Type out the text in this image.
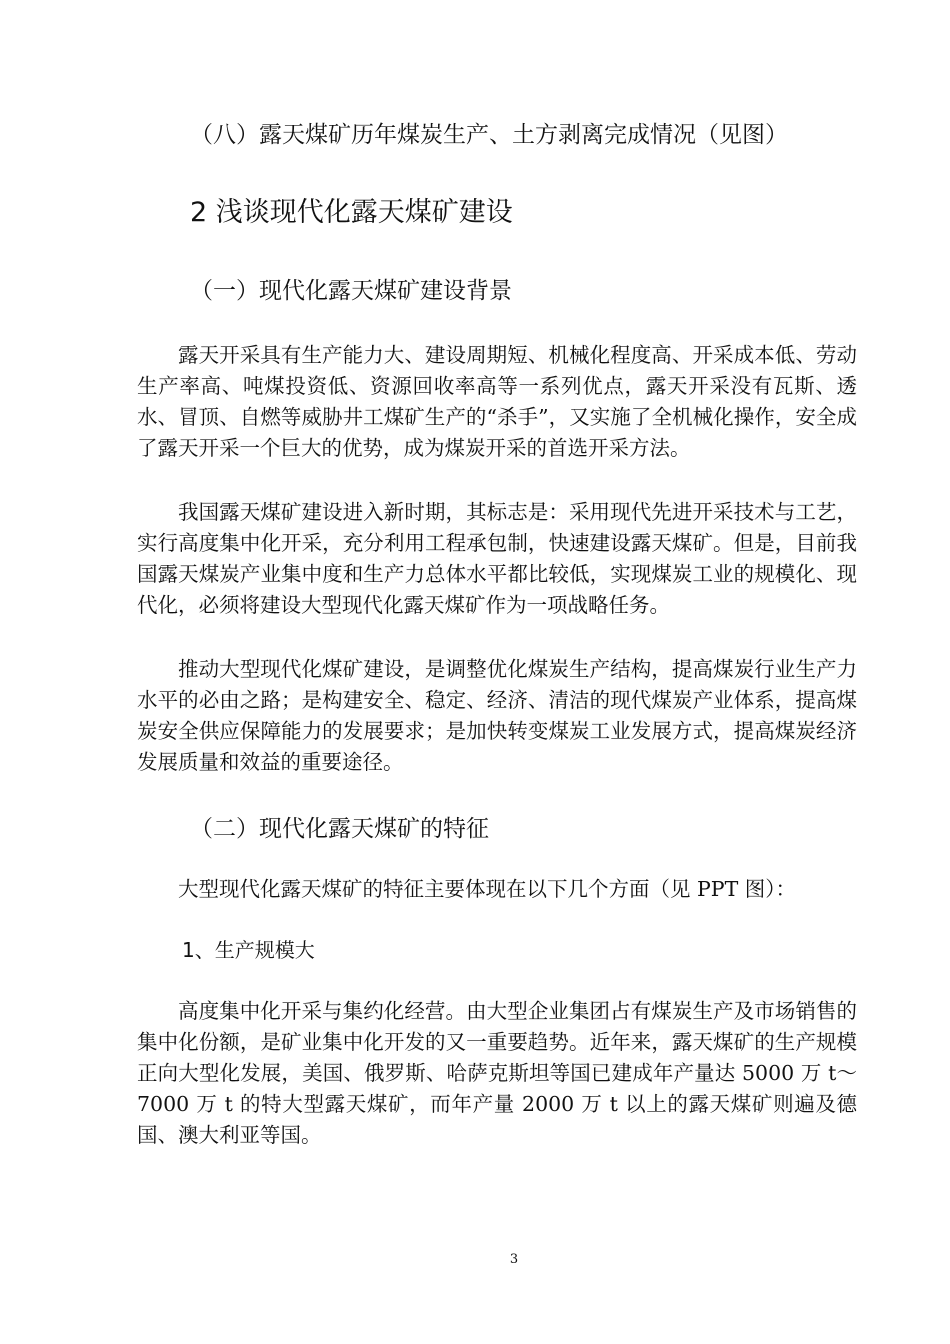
（八）露天煤矿历年煤炭生产、土方剥离完成情况（见图）
2 浅谈现代化露天煤矿建设
（一）现代化露天煤矿建设背景

露天开采具有生产能力大、建设周期短、机械化程度高、开采成本低、劳动生产率高、吨煤投资低、资源回收率高等一系列优点，露天开采没有瓦斯、透水、冒顶、自燃等威胁井工煤矿生产的“杀手”，又实施了全机械化操作，安全成了露天开采一个巨大的优势，成为煤炭开采的首选开采方法。

我国露天煤矿建设进入新时期，其标志是：采用现代先进开采技术与工艺，实行高度集中化开采，充分利用工程承包制，快速建设露天煤矿。但是，目前我国露天煤炭产业集中度和生产力总体水平都比较低，实现煤炭工业的规模化、现代化，必须将建设大型现代化露天煤矿作为一项战略任务。

推动大型现代化煤矿建设，是调整优化煤炭生产结构，提高煤炭行业生产力水平的必由之路；是构建安全、稳定、经济、清洁的现代煤炭产业体系，提高煤炭安全供应保障能力的发展要求；是加快转变煤炭工业发展方式，提高煤炭经济发展质量和效益的重要途径。

（二）现代化露天煤矿的特征

大型现代化露天煤矿的特征主要体现在以下几个方面（见 PPT 图）：

1、生产规模大

高度集中化开采与集约化经营。由大型企业集团占有煤炭生产及市场销售的集中化份额，是矿业集中化开发的又一重要趋势。近年来，露天煤矿的生产规模正向大型化发展，美国、俄罗斯、哈萨克斯坦等国已建成年产量达 5000 万 t～7000 万 t 的特大型露天煤矿，而年产量 2000 万 t 以上的露天煤矿则遍及德国、澳大利亚等国。

3
